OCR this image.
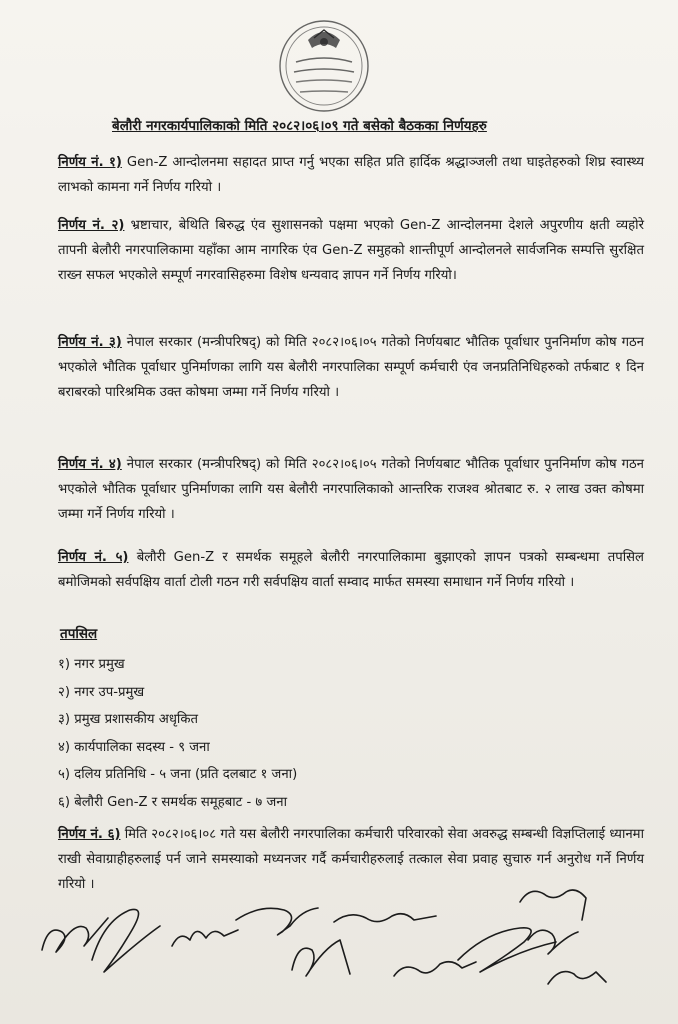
बेलौरी नगरकार्यपालिकाको मिति २०८२।०६।०९ गते बसेको बैठकका निर्णयहरु
निर्णय नं. १) Gen-Z आन्दोलनमा सहादत प्राप्त गर्नु भएका सहित प्रति हार्दिक श्रद्धाञ्जली तथा घाइतेहरुको शिघ्र स्वास्थ्य लाभको कामना गर्ने निर्णय गरियो ।
निर्णय नं. २) भ्रष्टाचार, बेथिति बिरुद्ध एंव सुशासनको पक्षमा भएको Gen-Z आन्दोलनमा देशले अपुरणीय क्षती व्यहोरे तापनी बेलौरी नगरपालिकामा यहाँका आम नागरिक एंव Gen-Z समुहको शान्तीपूर्ण आन्दोलनले सार्वजनिक सम्पत्ति सुरक्षित राख्न सफल भएकोले सम्पूर्ण नगरवासिहरुमा विशेष धन्यवाद ज्ञापन गर्ने निर्णय गरियो।
निर्णय नं. ३) नेपाल सरकार (मन्त्रीपरिषद्) को मिति २०८२।०६।०५ गतेको निर्णयबाट भौतिक पूर्वाधार पुननिर्माण कोष गठन भएकोले भौतिक पूर्वाधार पुनिर्माणका लागि यस बेलौरी नगरपालिका सम्पूर्ण कर्मचारी एंव जनप्रतिनिधिहरुको तर्फबाट १ दिन बराबरको पारिश्रमिक उक्त कोषमा जम्मा गर्ने निर्णय गरियो ।
निर्णय नं. ४) नेपाल सरकार (मन्त्रीपरिषद्) को मिति २०८२।०६।०५ गतेको निर्णयबाट भौतिक पूर्वाधार पुननिर्माण कोष गठन भएकोले भौतिक पूर्वाधार पुनिर्माणका लागि यस बेलौरी नगरपालिकाको आन्तरिक राजश्व श्रोतबाट रु. २ लाख उक्त कोषमा जम्मा गर्ने निर्णय गरियो ।
निर्णय नं. ५) बेलौरी Gen-Z र समर्थक समूहले बेलौरी नगरपालिकामा बुझाएको ज्ञापन पत्रको सम्बन्धमा तपसिल बमोजिमको सर्वपक्षिय वार्ता टोली गठन गरी सर्वपक्षिय वार्ता सम्वाद मार्फत समस्या समाधान गर्ने निर्णय गरियो ।
तपसिल
१) नगर प्रमुख
२) नगर उप-प्रमुख
३) प्रमुख प्रशासकीय अधृकित
४) कार्यपालिका सदस्य - ९ जना
५) दलिय प्रतिनिधि - ५ जना (प्रति दलबाट १ जना)
६) बेलौरी Gen-Z र समर्थक समूहबाट - ७ जना
निर्णय नं. ६) मिति २०८२।०६।०८ गते यस बेलौरी नगरपालिका कर्मचारी परिवारको सेवा अवरुद्ध सम्बन्धी विज्ञप्तिलाई ध्यानमा राखी सेवाग्राहीहरुलाई पर्न जाने समस्याको मध्यनजर गर्दै कर्मचारीहरुलाई तत्काल सेवा प्रवाह सुचारु गर्न अनुरोध गर्ने निर्णय गरियो ।
